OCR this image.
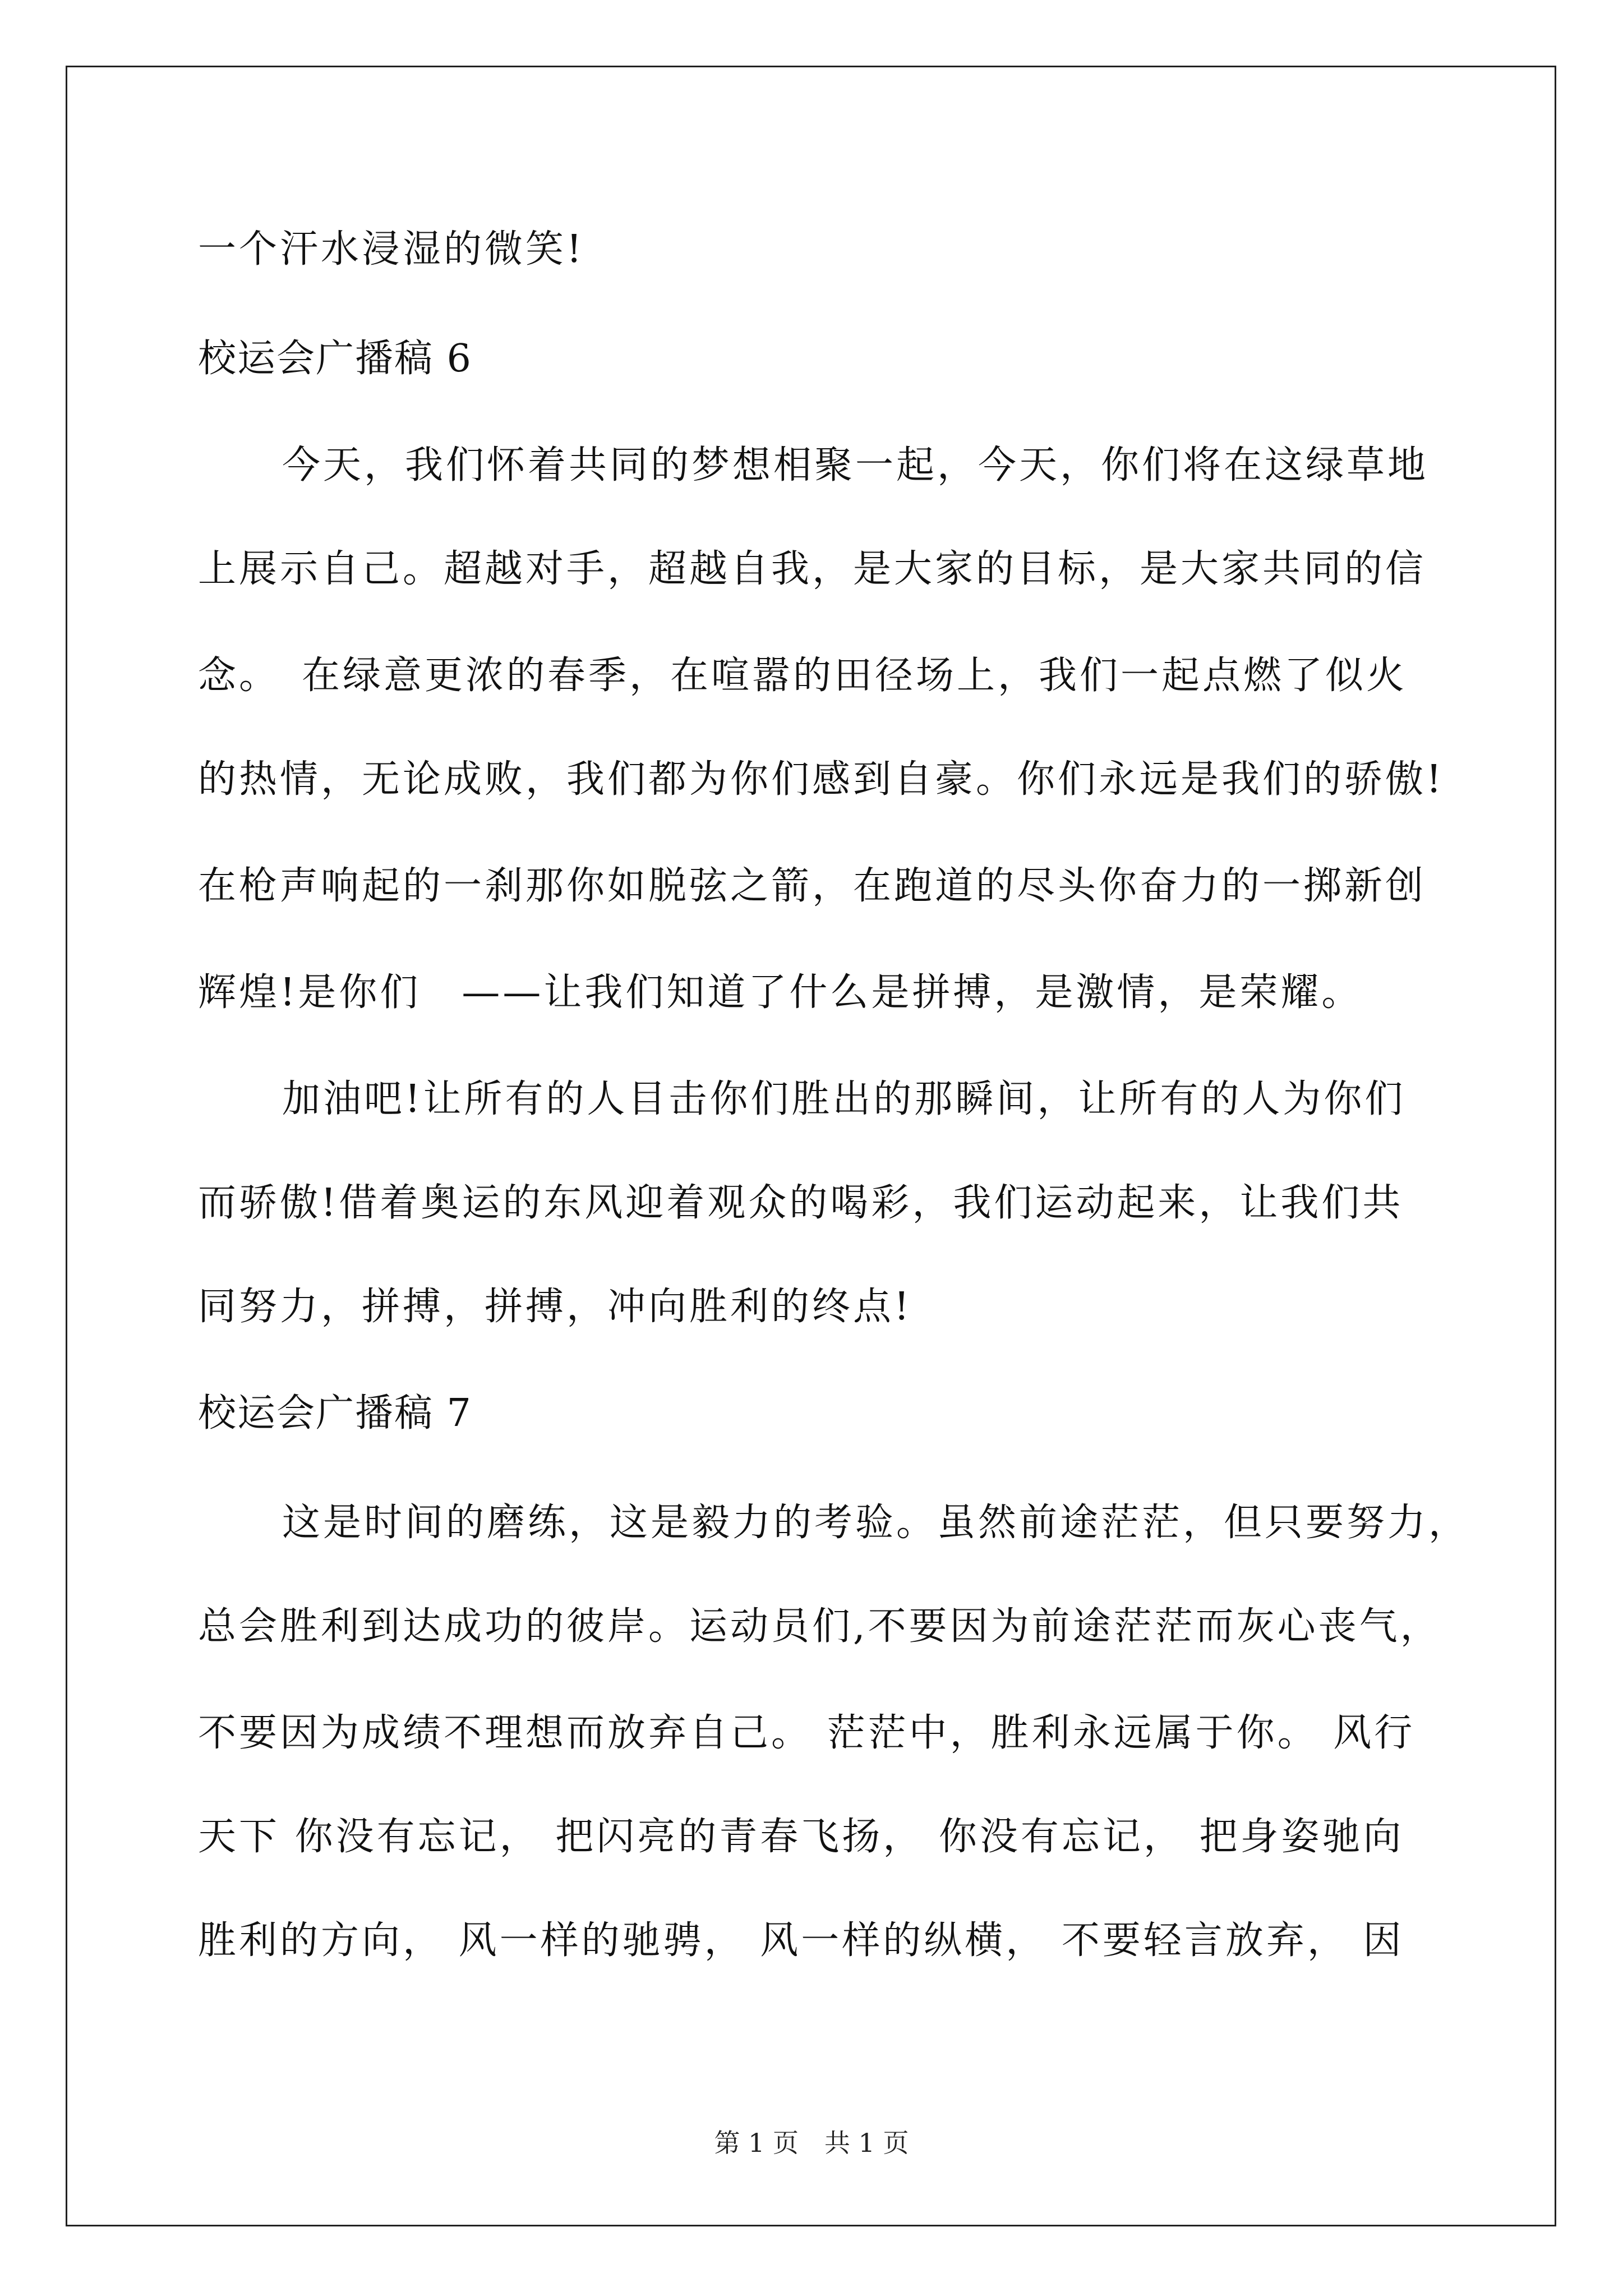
一个汗水浸湿的微笑!
校运会广播稿 6
今天，我们怀着共同的梦想相聚一起，今天，你们将在这绿草地
上展示自己。超越对手，超越自我，是大家的目标，是大家共同的信
念。　在绿意更浓的春季，在喧嚣的田径场上，我们一起点燃了似火
的热情，无论成败，我们都为你们感到自豪。你们永远是我们的骄傲!
在枪声响起的一刹那你如脱弦之箭，在跑道的尽头你奋力的一掷新创
辉煌!是你们　——让我们知道了什么是拼搏，是激情，是荣耀。
加油吧!让所有的人目击你们胜出的那瞬间，让所有的人为你们
而骄傲!借着奥运的东风迎着观众的喝彩，我们运动起来，让我们共
同努力，拼搏，拼搏，冲向胜利的终点!
校运会广播稿 7
这是时间的磨练，这是毅力的考验。虽然前途茫茫，但只要努力，
总会胜利到达成功的彼岸。运动员们,不要因为前途茫茫而灰心丧气，
不要因为成绩不理想而放弃自己。 茫茫中，胜利永远属于你。 风行
天下 你没有忘记， 把闪亮的青春飞扬， 你没有忘记， 把身姿驰向
胜利的方向， 风一样的驰骋， 风一样的纵横， 不要轻言放弃， 因
第 1 页　共 1 页
